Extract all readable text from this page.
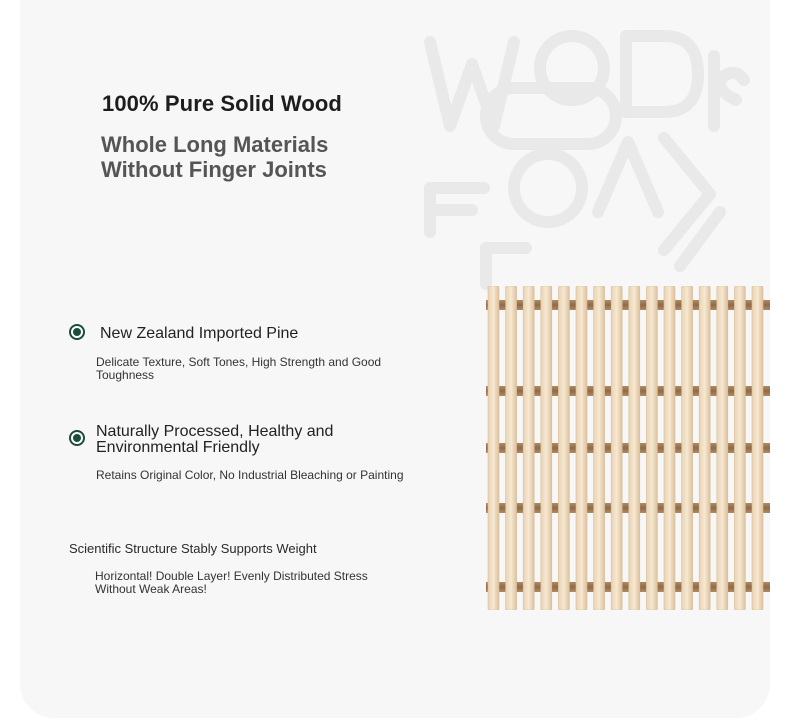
100% Pure Solid Wood
Whole Long Materials Without Finger Joints

New Zealand Imported Pine

Delicate Texture, Soft Tones, High Strength and Good Toughness

Naturally Processed, Healthy and Environmental Friendly

Retains Original Color, No Industrial Bleaching or Painting

Scientific Structure Stably Supports Weight

Horizontal! Double Layer! Evenly Distributed Stress Without Weak Areas!
